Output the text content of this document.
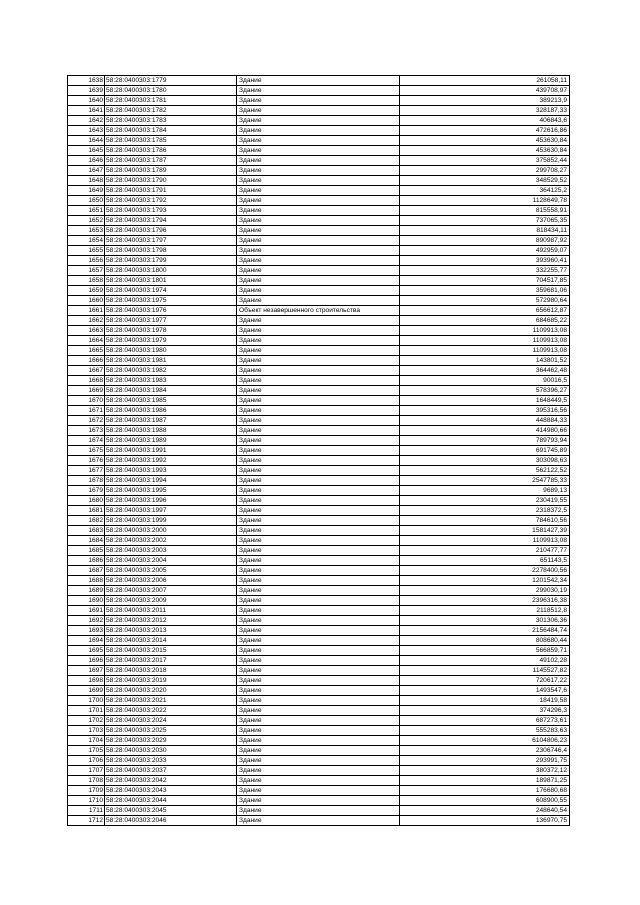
1638	58:28:0400303:1779	Здание	261058,11
1639	58:28:0400303:1780	Здание	439708,97
1640	58:28:0400303:1781	Здание	389213,9
1641	58:28:0400303:1782	Здание	328187,33
1642	58:28:0400303:1783	Здание	406843,6
1643	58:28:0400303:1784	Здание	472616,86
1644	58:28:0400303:1785	Здание	453630,84
1645	58:28:0400303:1786	Здание	453630,84
1646	58:28:0400303:1787	Здание	375852,44
1647	58:28:0400303:1789	Здание	299708,27
1648	58:28:0400303:1790	Здание	348529,52
1649	58:28:0400303:1791	Здание	364125,2
1650	58:28:0400303:1792	Здание	1128649,78
1651	58:28:0400303:1793	Здание	815558,91
1652	58:28:0400303:1794	Здание	737065,35
1653	58:28:0400303:1796	Здание	818434,11
1654	58:28:0400303:1797	Здание	890987,92
1655	58:28:0400303:1798	Здание	492959,07
1656	58:28:0400303:1799	Здание	393960,41
1657	58:28:0400303:1800	Здание	332255,77
1658	58:28:0400303:1801	Здание	704517,85
1659	58:28:0400303:1974	Здание	359681,06
1660	58:28:0400303:1975	Здание	572980,64
1661	58:28:0400303:1976	Объект незавершенного строительства	656612,87
1662	58:28:0400303:1977	Здание	684685,22
1663	58:28:0400303:1978	Здание	1109913,08
1664	58:28:0400303:1979	Здание	1109913,08
1665	58:28:0400303:1980	Здание	1109913,08
1666	58:28:0400303:1981	Здание	143801,52
1667	58:28:0400303:1982	Здание	364462,48
1668	58:28:0400303:1983	Здание	90016,5
1669	58:28:0400303:1984	Здание	578396,27
1670	58:28:0400303:1985	Здание	1648449,5
1671	58:28:0400303:1986	Здание	395316,56
1672	58:28:0400303:1987	Здание	448884,33
1673	58:28:0400303:1988	Здание	414980,66
1674	58:28:0400303:1989	Здание	789793,94
1675	58:28:0400303:1991	Здание	691745,89
1676	58:28:0400303:1992	Здание	303098,63
1677	58:28:0400303:1993	Здание	562122,52
1678	58:28:0400303:1994	Здание	2547785,33
1679	58:28:0400303:1995	Здание	9689,13
1680	58:28:0400303:1996	Здание	230419,55
1681	58:28:0400303:1997	Здание	2318372,5
1682	58:28:0400303:1999	Здание	784610,56
1683	58:28:0400303:2000	Здание	1581427,39
1684	58:28:0400303:2002	Здание	1109913,08
1685	58:28:0400303:2003	Здание	210477,77
1686	58:28:0400303:2004	Здание	651143,5
1687	58:28:0400303:2005	Здание	2278400,56
1688	58:28:0400303:2006	Здание	1201542,34
1689	58:28:0400303:2007	Здание	299030,19
1690	58:28:0400303:2009	Здание	2396316,38
1691	58:28:0400303:2011	Здание	2118512,8
1692	58:28:0400303:2012	Здание	301306,36
1693	58:28:0400303:2013	Здание	2156484,74
1694	58:28:0400303:2014	Здание	808680,44
1695	58:28:0400303:2015	Здание	566859,71
1696	58:28:0400303:2017	Здание	49102,28
1697	58:28:0400303:2018	Здание	1145527,82
1698	58:28:0400303:2019	Здание	720617,22
1699	58:28:0400303:2020	Здание	1493547,6
1700	58:28:0400303:2021	Здание	18419,58
1701	58:28:0400303:2022	Здание	374296,3
1702	58:28:0400303:2024	Здание	687273,61
1703	58:28:0400303:2025	Здание	555283,63
1704	58:28:0400303:2029	Здание	6104806,23
1705	58:28:0400303:2030	Здание	2306746,4
1706	58:28:0400303:2033	Здание	293991,75
1707	58:28:0400303:2037	Здание	380372,12
1708	58:28:0400303:2042	Здание	189871,25
1709	58:28:0400303:2043	Здание	176680,68
1710	58:28:0400303:2044	Здание	608900,55
1711	58:28:0400303:2045	Здание	248640,54
1712	58:28:0400303:2046	Здание	136970,75
